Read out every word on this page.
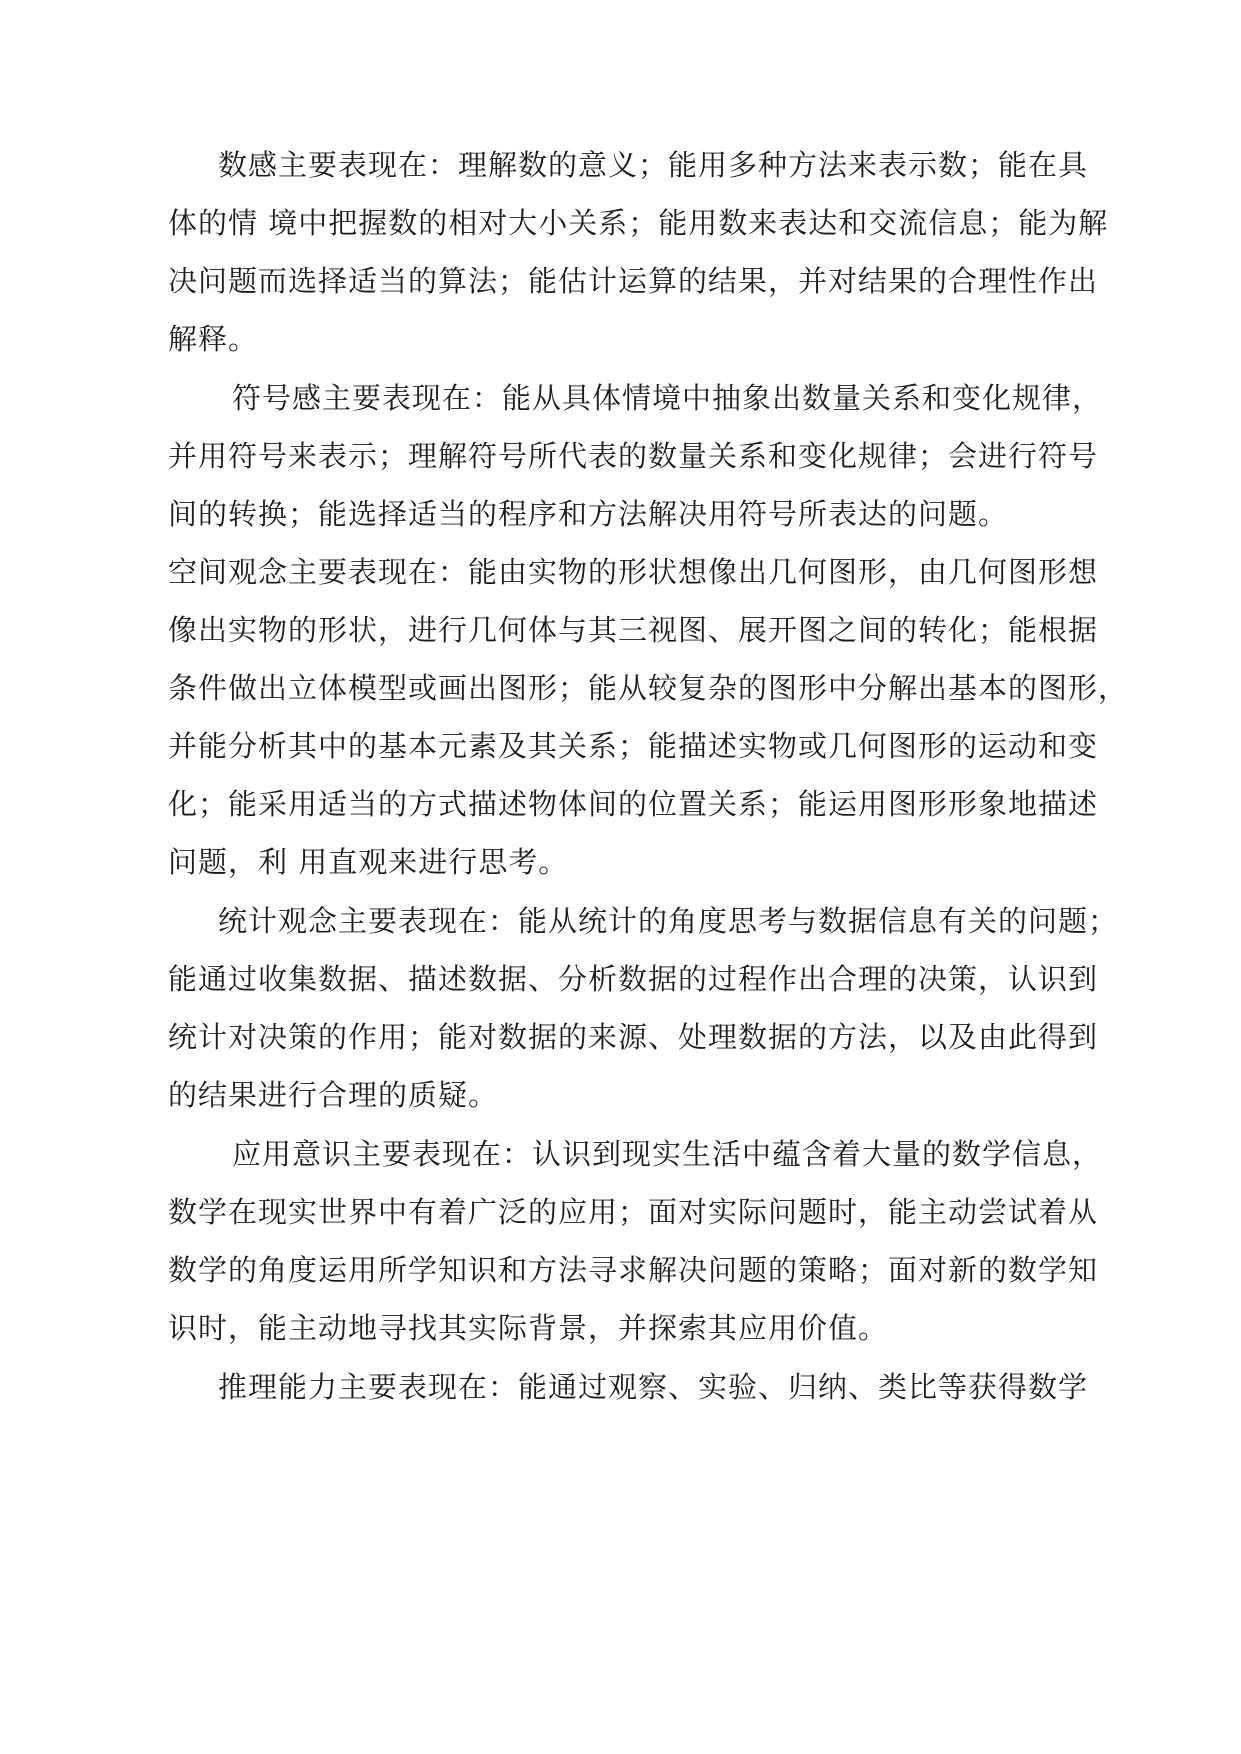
数感主要表现在：理解数的意义；能用多种方法来表示数；能在具

体的情 境中把握数的相对大小关系；能用数来表达和交流信息；能为解

决问题而选择适当的算法；能估计运算的结果，并对结果的合理性作出

解释。

符号感主要表现在：能从具体情境中抽象出数量关系和变化规律，

并用符号来表示；理解符号所代表的数量关系和变化规律；会进行符号

间的转换；能选择适当的程序和方法解决用符号所表达的问题。

空间观念主要表现在：能由实物的形状想像出几何图形，由几何图形想

像出实物的形状，进行几何体与其三视图、展开图之间的转化；能根据

条件做出立体模型或画出图形；能从较复杂的图形中分解出基本的图形，

并能分析其中的基本元素及其关系；能描述实物或几何图形的运动和变

化；能采用适当的方式描述物体间的位置关系；能运用图形形象地描述

问题，利 用直观来进行思考。

统计观念主要表现在：能从统计的角度思考与数据信息有关的问题；

能通过收集数据、描述数据、分析数据的过程作出合理的决策，认识到

统计对决策的作用；能对数据的来源、处理数据的方法，以及由此得到

的结果进行合理的质疑。

应用意识主要表现在：认识到现实生活中蕴含着大量的数学信息，

数学在现实世界中有着广泛的应用；面对实际问题时，能主动尝试着从

数学的角度运用所学知识和方法寻求解决问题的策略；面对新的数学知

识时，能主动地寻找其实际背景，并探索其应用价值。

推理能力主要表现在：能通过观察、实验、归纳、类比等获得数学
